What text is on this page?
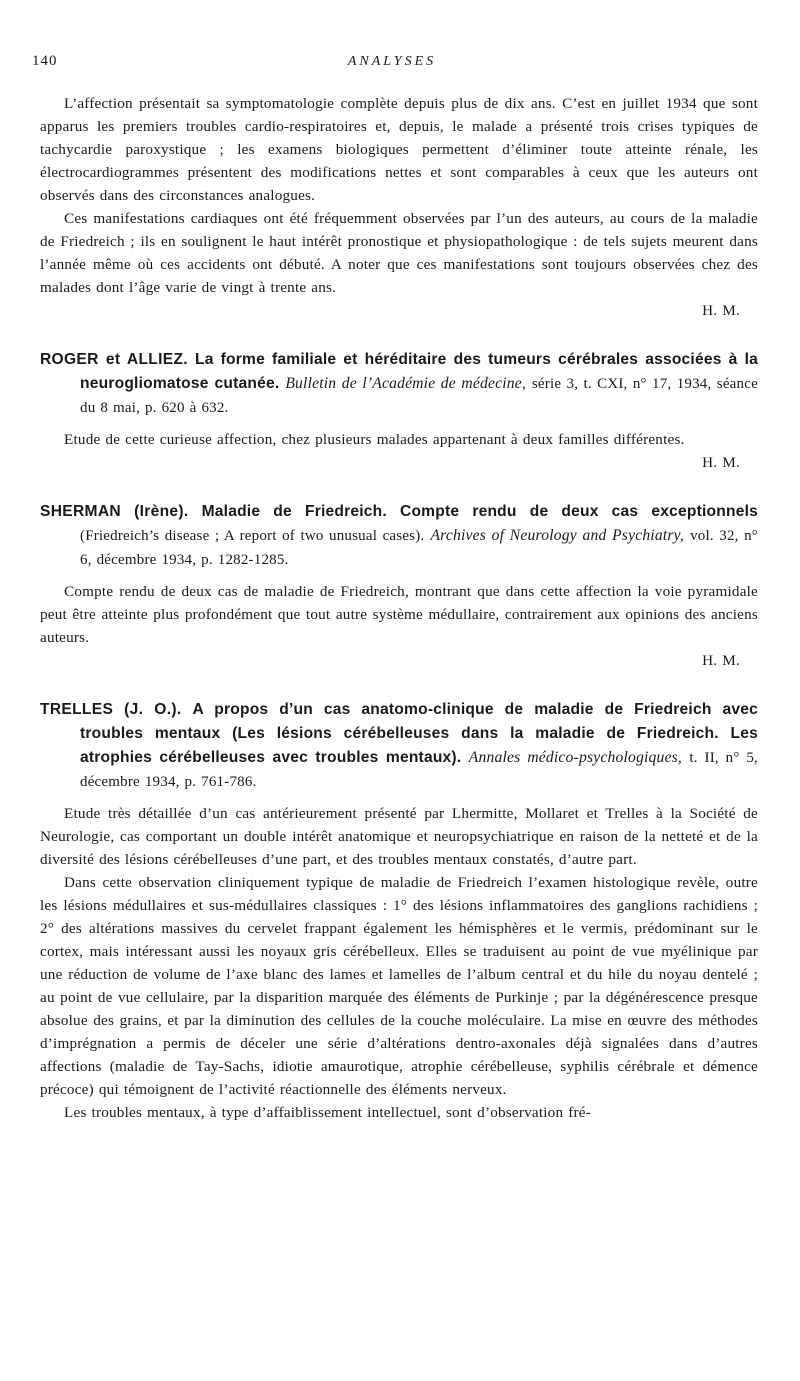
140	ANALYSES

L’affection présentait sa symptomatologie complète depuis plus de dix ans. C’est en juillet 1934 que sont apparus les premiers troubles cardio-respiratoires et, depuis, le malade a présenté trois crises typiques de tachycardie paroxystique ; les examens biologiques permettent d’éliminer toute atteinte rénale, les électrocardiogrammes présentent des modifications nettes et sont comparables à ceux que les auteurs ont observés dans des circonstances analogues.

Ces manifestations cardiaques ont été fréquemment observées par l’un des auteurs, au cours de la maladie de Friedreich ; ils en soulignent le haut intérêt pronostique et physiopathologique : de tels sujets meurent dans l’année même où ces accidents ont débuté. A noter que ces manifestations sont toujours observées chez des malades dont l’âge varie de vingt à trente ans.

H. M.

ROGER et ALLIEZ. La forme familiale et héréditaire des tumeurs cérébrales associées à la neurogliomatose cutanée. Bulletin de l’Académie de médecine, série 3, t. CXI, n° 17, 1934, séance du 8 mai, p. 620 à 632.

Etude de cette curieuse affection, chez plusieurs malades appartenant à deux familles différentes.

H. M.

SHERMAN (Irène). Maladie de Friedreich. Compte rendu de deux cas exceptionnels (Friedreich’s disease ; A report of two unusual cases). Archives of Neurology and Psychiatry, vol. 32, n° 6, décembre 1934, p. 1282-1285.

Compte rendu de deux cas de maladie de Friedreich, montrant que dans cette affection la voie pyramidale peut être atteinte plus profondément que tout autre système médullaire, contrairement aux opinions des anciens auteurs.

H. M.

TRELLES (J. O.). A propos d’un cas anatomo-clinique de maladie de Friedreich avec troubles mentaux (Les lésions cérébelleuses dans la maladie de Friedreich. Les atrophies cérébelleuses avec troubles mentaux). Annales médico-psychologiques, t. II, n° 5, décembre 1934, p. 761-786.

Etude très détaillée d’un cas antérieurement présenté par Lhermitte, Mollaret et Trelles à la Société de Neurologie, cas comportant un double intérêt anatomique et neuropsychiatrique en raison de la netteté et de la diversité des lésions cérébelleuses d’une part, et des troubles mentaux constatés, d’autre part.

Dans cette observation cliniquement typique de maladie de Friedreich l’examen histologique revèle, outre les lésions médullaires et sus-médullaires classiques : 1° des lésions inflammatoires des ganglions rachidiens ; 2° des altérations massives du cervelet frappant également les hémisphères et le vermis, prédominant sur le cortex, mais intéressant aussi les noyaux gris cérébelleux. Elles se traduisent au point de vue myélinique par une réduction de volume de l’axe blanc des lames et lamelles de l’album central et du hile du noyau dentelé ; au point de vue cellulaire, par la disparition marquée des éléments de Purkinje ; par la dégénérescence presque absolue des grains, et par la diminution des cellules de la couche moléculaire. La mise en œuvre des méthodes d’imprégnation a permis de déceler une série d’altérations dentro-axonales déjà signalées dans d’autres affections (maladie de Tay-Sachs, idiotie amaurotique, atrophie cérébelleuse, syphilis cérébrale et démence précoce) qui témoignent de l’activité réactionnelle des éléments nerveux.

Les troubles mentaux, à type d’affaiblissement intellectuel, sont d’observation fré-
